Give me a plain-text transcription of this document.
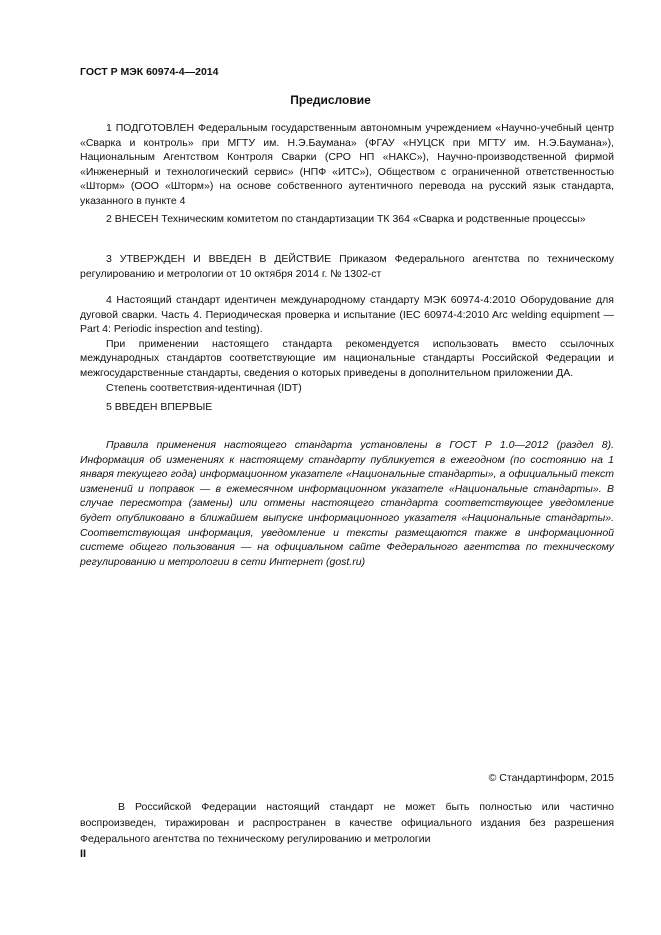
ГОСТ Р МЭК 60974-4—2014
Предисловие

1 ПОДГОТОВЛЕН Федеральным государственным автономным учреждением «Научно-учебный центр «Сварка и контроль» при МГТУ им. Н.Э.Баумана» (ФГАУ «НУЦСК при МГТУ им. Н.Э.Баумана»), Национальным Агентством Контроля Сварки (СРО НП «НАКС»), Научно-производственной фирмой «Инженерный и технологический сервис» (НПФ «ИТС»), Обществом с ограниченной ответственностью «Шторм» (ООО «Шторм») на основе собственного аутентичного перевода на русский язык стандарта, указанного в пункте 4

2 ВНЕСЕН Техническим комитетом по стандартизации ТК 364 «Сварка и родственные процессы»

3 УТВЕРЖДЕН И ВВЕДЕН В ДЕЙСТВИЕ Приказом Федерального агентства по техническому регулированию и метрологии от 10 октября 2014 г. № 1302-ст

4 Настоящий стандарт идентичен международному стандарту МЭК 60974-4:2010 Оборудование для дуговой сварки. Часть 4. Периодическая проверка и испытание (IEC 60974-4:2010 Arc welding equipment — Part 4: Periodic inspection and testing).

При применении настоящего стандарта рекомендуется использовать вместо ссылочных международных стандартов соответствующие им национальные стандарты Российской Федерации и межгосударственные стандарты, сведения о которых приведены в дополнительном приложении ДА.

Степень соответствия-идентичная (IDT)

5 ВВЕДЕН ВПЕРВЫЕ

Правила применения настоящего стандарта установлены в ГОСТ Р 1.0—2012 (раздел 8). Информация об изменениях к настоящему стандарту публикуется в ежегодном (по состоянию на 1 января текущего года) информационном указателе «Национальные стандарты», а официальный текст изменений и поправок — в ежемесячном информационном указателе «Национальные стандарты». В случае пересмотра (замены) или отмены настоящего стандарта соответствующее уведомление будет опубликовано в ближайшем выпуске информационного указателя «Национальные стандарты». Соответствующая информация, уведомление и тексты размещаются также в информационной системе общего пользования — на официальном сайте Федерального агентства по техническому регулированию и метрологии в сети Интернет (gost.ru)

© Стандартинформ, 2015

В Российской Федерации настоящий стандарт не может быть полностью или частично воспроизведен, тиражирован и распространен в качестве официального издания без разрешения Федерального агентства по техническому регулированию и метрологии

II
